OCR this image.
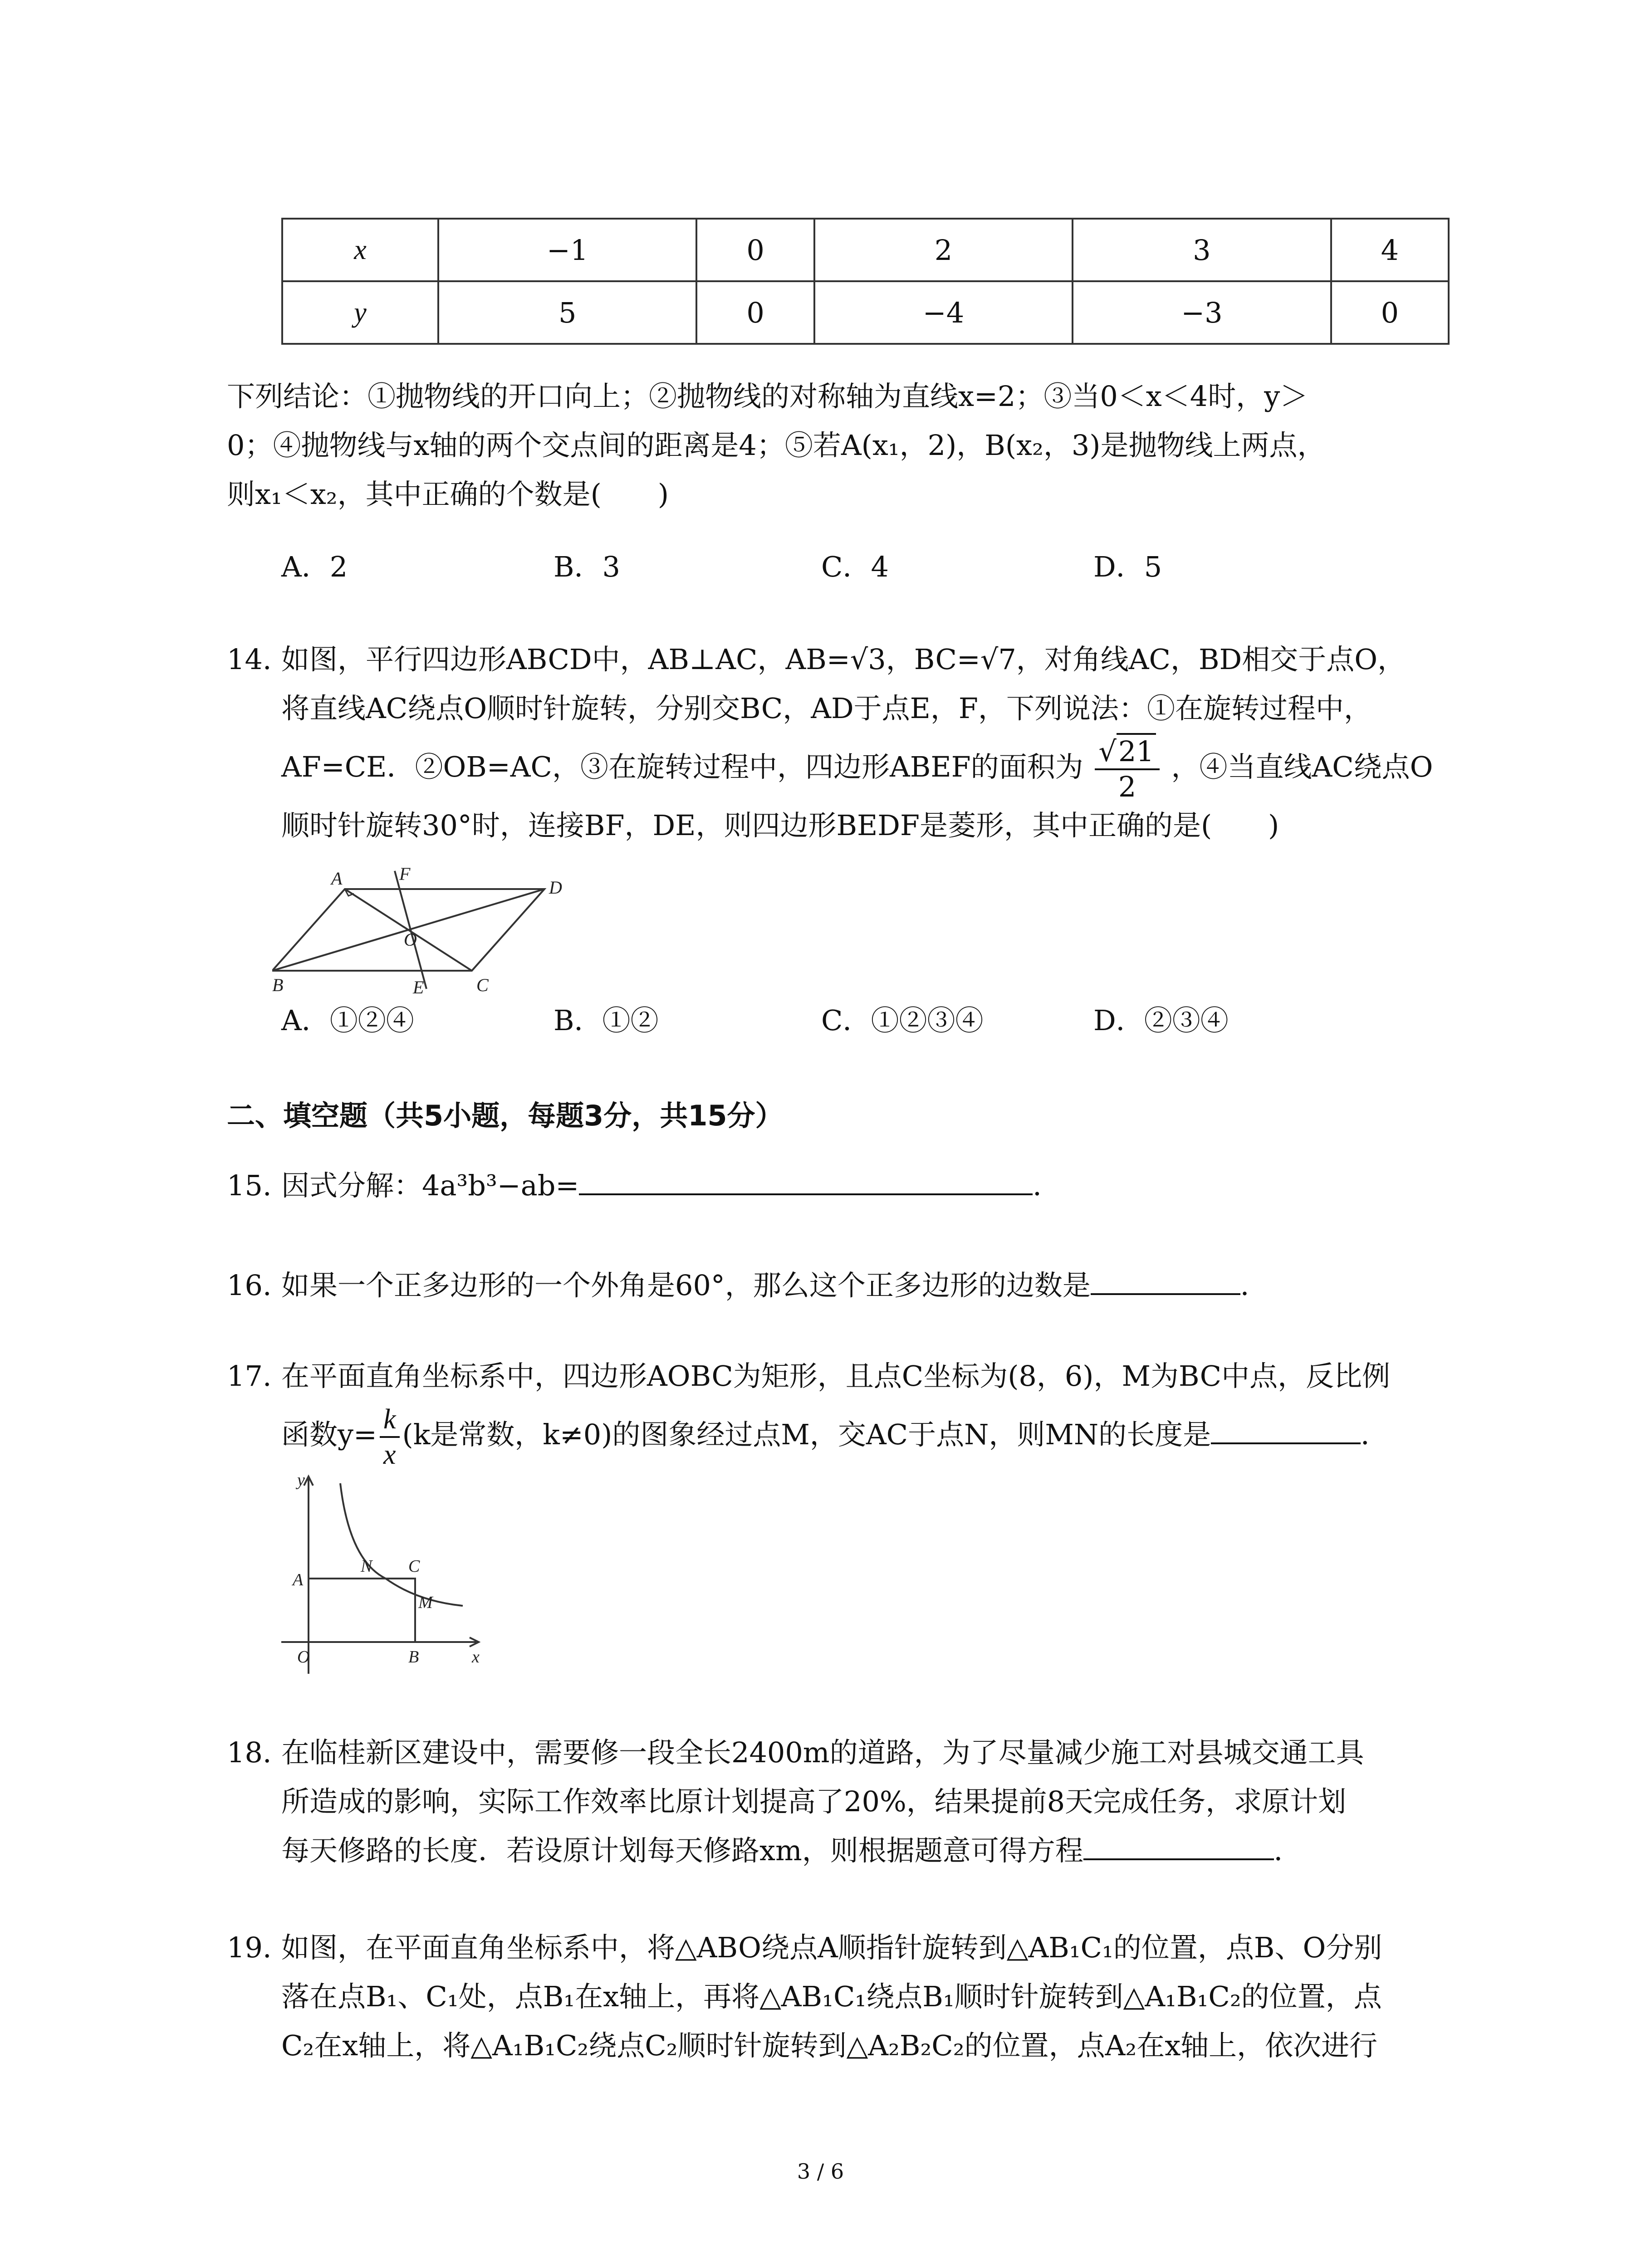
x	−1	0	2	3	4
y	5	0	−4	−3	0
下列结论：①抛物线的开口向上；②抛物线的对称轴为直线x=2；③当0＜x＜4时，y＞
0；④抛物线与x轴的两个交点间的距离是4；⑤若A(x₁，2)，B(x₂，3)是抛物线上两点，
则x₁＜x₂，其中正确的个数是(　　)
A．2	B．3	C．4	D．5
14. 如图，平行四边形ABCD中，AB⊥AC，AB=√3，BC=√7，对角线AC，BD相交于点O，
将直线AC绕点O顺时针旋转，分别交BC，AD于点E，F，下列说法：①在旋转过程中，
AF=CE．②OB=AC，③在旋转过程中，四边形ABEF的面积为 $\frac{√21}{2}$ ，④当直线AC绕点O
顺时针旋转30°时，连接BF，DE，则四边形BEDF是菱形，其中正确的是(　　)
A	F
D
O
B	E	C
A．①②④	B．①②	C．①②③④	D．②③④
二、填空题（共5小题，每题3分，共15分）
15. 因式分解：4a³b³−ab=	．
16. 如果一个正多边形的一个外角是60°，那么这个正多边形的边数是	．
17. 在平面直角坐标系中，四边形AOBC为矩形，且点C坐标为(8，6)，M为BC中点，反比例
函数$y= \frac{k}{x} (k$是常数，k≠0)的图象经过点M，交AC于点N，则MN的长度是	．
y
x
A
O	B
N C
M
18. 在临桂新区建设中，需要修一段全长2400m的道路，为了尽量减少施工对县城交通工具
所造成的影响，实际工作效率比原计划提高了20%，结果提前8天完成任务，求原计划
每天修路的长度．若设原计划每天修路xm，则根据题意可得方程	．
19. 如图，在平面直角坐标系中，将△ABO绕点A顺指针旋转到△AB₁C₁的位置，点B、O分别
落在点B₁、C₁处，点B₁在x轴上，再将△AB₁C₁绕点B₁顺时针旋转到△A₁B₁C₂的位置，点
C₂在x轴上，将△A₁B₁C₂绕点C₂顺时针旋转到△A₂B₂C₂的位置，点A₂在x轴上，依次进行
3 / 6
